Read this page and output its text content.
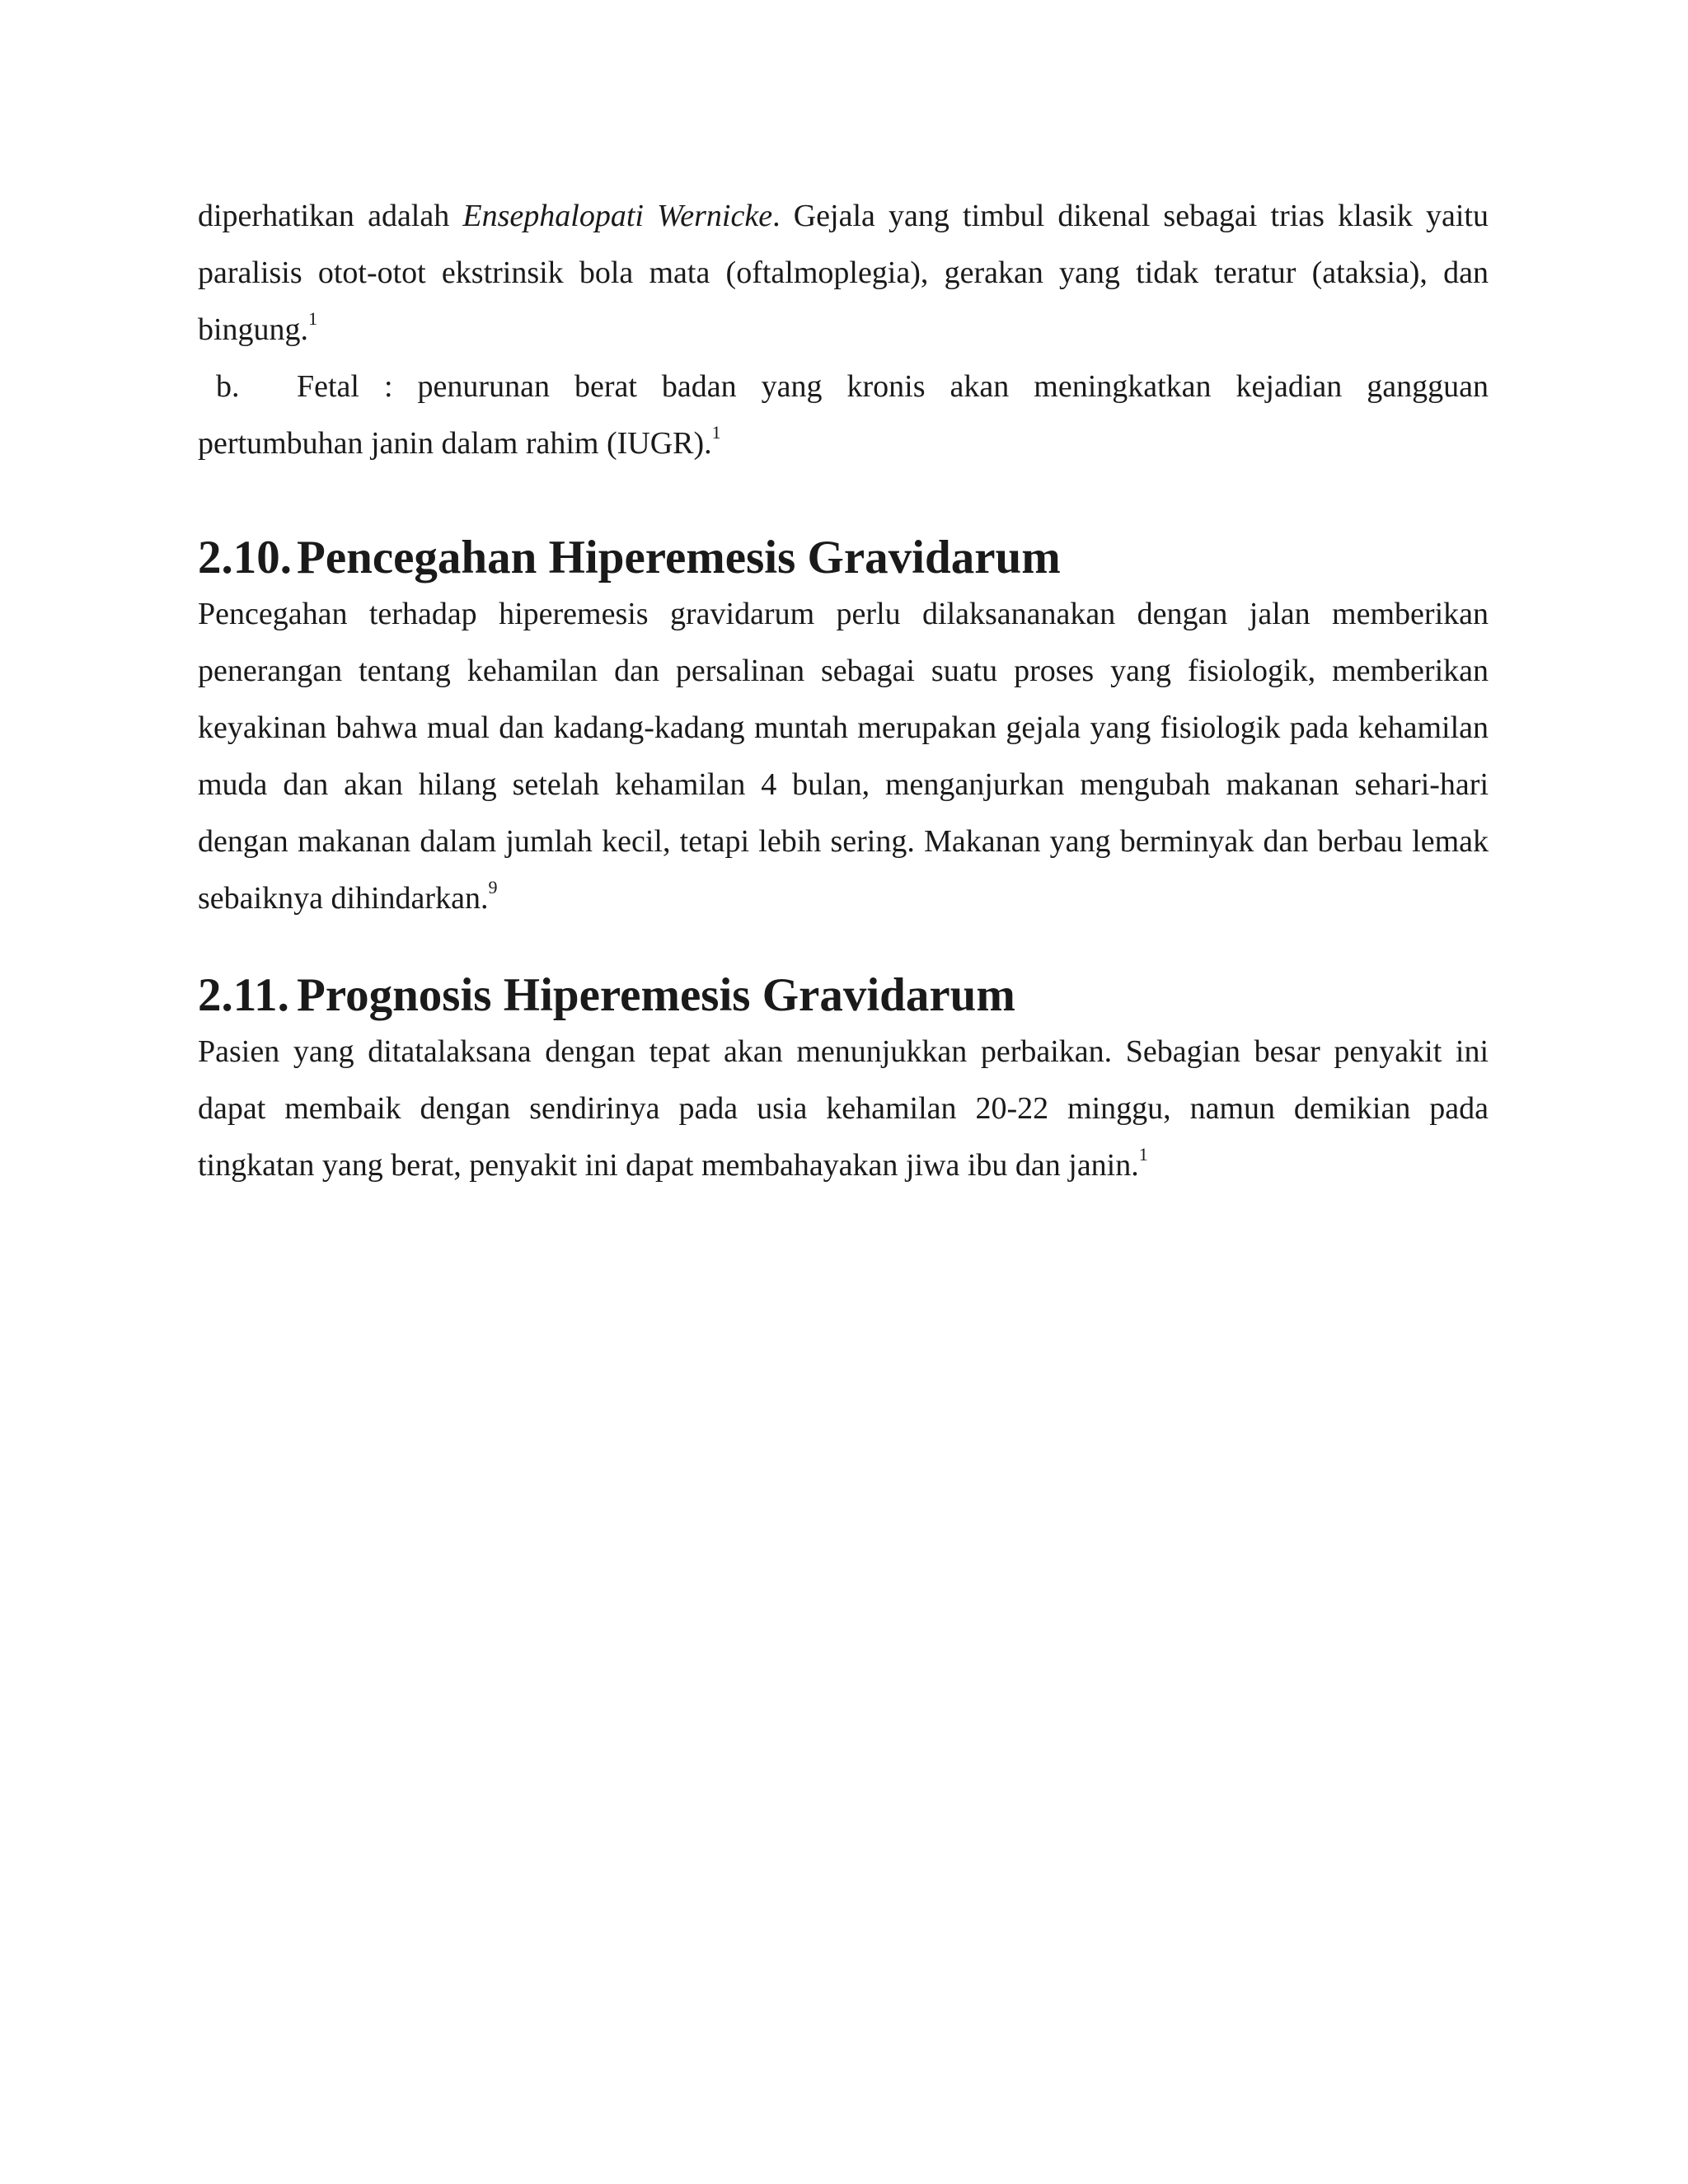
diperhatikan adalah Ensephalopati Wernicke. Gejala yang timbul dikenal sebagai trias klasik yaitu paralisis otot-otot ekstrinsik bola mata (oftalmoplegia), gerakan yang tidak teratur (ataksia), dan bingung.$^1$

b. Fetal : penurunan berat badan yang kronis akan meningkatkan kejadian gangguan pertumbuhan janin dalam rahim (IUGR).$^1$

2.10. Pencegahan Hiperemesis Gravidarum

Pencegahan terhadap hiperemesis gravidarum perlu dilaksananakan dengan jalan memberikan penerangan tentang kehamilan dan persalinan sebagai suatu proses yang fisiologik, memberikan keyakinan bahwa mual dan kadang-kadang muntah merupakan gejala yang fisiologik pada kehamilan muda dan akan hilang setelah kehamilan 4 bulan, menganjurkan mengubah makanan sehari-hari dengan makanan dalam jumlah kecil, tetapi lebih sering. Makanan yang berminyak dan berbau lemak sebaiknya dihindarkan.$^9$

2.11. Prognosis Hiperemesis Gravidarum

Pasien yang ditatalaksana dengan tepat akan menunjukkan perbaikan. Sebagian besar penyakit ini dapat membaik dengan sendirinya pada usia kehamilan 20-22 minggu, namun demikian pada tingkatan yang berat, penyakit ini dapat membahayakan jiwa ibu dan janin.$^1$
